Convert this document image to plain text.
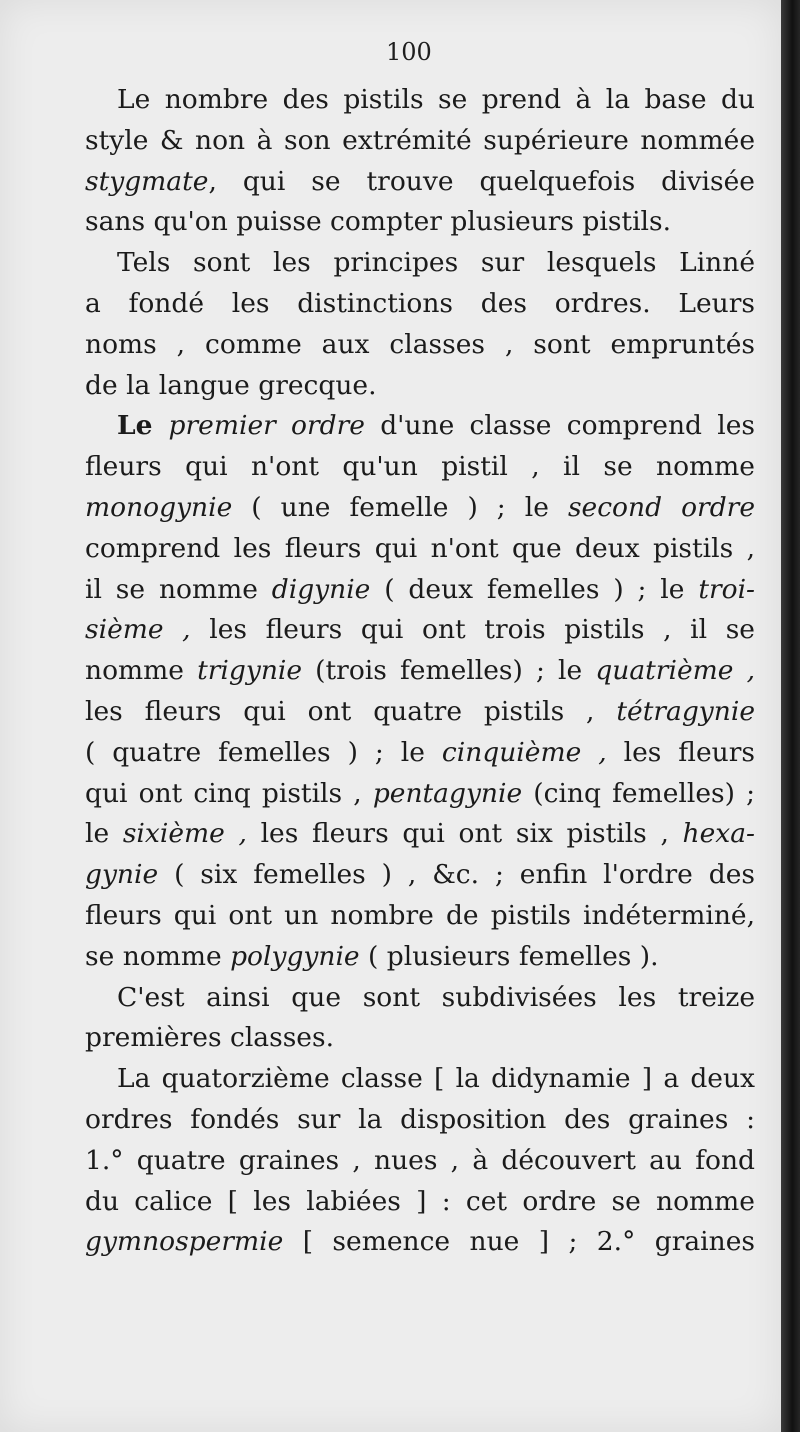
100
Le nombre des pistils se prend à la base du
style & non à son extrémité supérieure nommée
stygmate, qui se trouve quelquefois divisée
sans qu'on puisse compter plusieurs pistils.
Tels sont les principes sur lesquels Linné
a fondé les distinctions des ordres. Leurs
noms , comme aux classes , sont empruntés
de la langue grecque.
Le premier ordre d'une classe comprend les
fleurs qui n'ont qu'un pistil , il se nomme
monogynie ( une femelle ) ; le second ordre
comprend les fleurs qui n'ont que deux pistils ,
il se nomme digynie ( deux femelles ) ; le troi-
sième , les fleurs qui ont trois pistils , il se
nomme trigynie (trois femelles) ; le quatrième ,
les fleurs qui ont quatre pistils , tétragynie
( quatre femelles ) ; le cinquième , les fleurs
qui ont cinq pistils , pentagynie (cinq femelles) ;
le sixième , les fleurs qui ont six pistils , hexa-
gynie ( six femelles ) , &c. ; enfin l'ordre des
fleurs qui ont un nombre de pistils indéterminé,
se nomme polygynie ( plusieurs femelles ).
C'est ainsi que sont subdivisées les treize
premières classes.
La quatorzième classe [ la didynamie ] a deux
ordres fondés sur la disposition des graines :
1.° quatre graines , nues , à découvert au fond
du calice [ les labiées ] : cet ordre se nomme
gymnospermie [ semence nue ] ; 2.° graines
